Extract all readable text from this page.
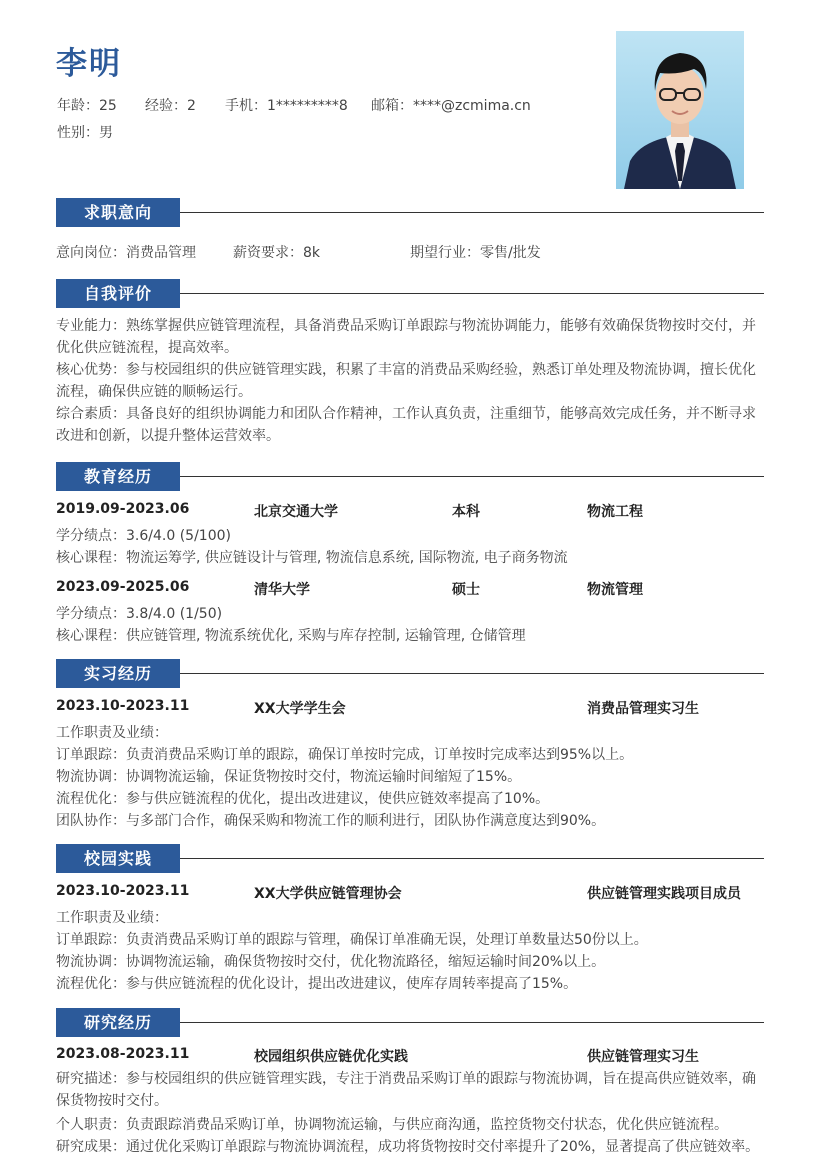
李明
年龄：25 经验：2 手机：1*********8 邮箱：****@zcmima.cn
性别：男
求职意向
意向岗位：消费品管理	薪资要求：8k	期望行业：零售/批发
自我评价

专业能力：熟练掌握供应链管理流程，具备消费品采购订单跟踪与物流协调能力，能够有效确保货物按时交付，并优化供应链流程，提高效率。

核心优势：参与校园组织的供应链管理实践，积累了丰富的消费品采购经验，熟悉订单处理及物流协调，擅长优化流程，确保供应链的顺畅运行。

综合素质：具备良好的组织协调能力和团队合作精神，工作认真负责，注重细节，能够高效完成任务，并不断寻求改进和创新，以提升整体运营效率。

教育经历
2019.09-2023.06	北京交通大学	本科	物流工程
学分绩点：3.6/4.0 (5/100)
核心课程：物流运筹学, 供应链设计与管理, 物流信息系统, 国际物流, 电子商务物流
2023.09-2025.06	清华大学	硕士	物流管理
学分绩点：3.8/4.0 (1/50)
核心课程：供应链管理, 物流系统优化, 采购与库存控制, 运输管理, 仓储管理
实习经历
2023.10-2023.11	XX大学学生会	消费品管理实习生
工作职责及业绩：
订单跟踪：负责消费品采购订单的跟踪，确保订单按时完成，订单按时完成率达到95%以上。
物流协调：协调物流运输，保证货物按时交付，物流运输时间缩短了15%。
流程优化：参与供应链流程的优化，提出改进建议，使供应链效率提高了10%。
团队协作：与多部门合作，确保采购和物流工作的顺利进行，团队协作满意度达到90%。
校园实践
2023.10-2023.11	XX大学供应链管理协会	供应链管理实践项目成员
工作职责及业绩：
订单跟踪：负责消费品采购订单的跟踪与管理，确保订单准确无误，处理订单数量达50份以上。
物流协调：协调物流运输，确保货物按时交付，优化物流路径，缩短运输时间20%以上。
流程优化：参与供应链流程的优化设计，提出改进建议，使库存周转率提高了15%。
研究经历
2023.08-2023.11	校园组织供应链优化实践	供应链管理实习生

研究描述：参与校园组织的供应链管理实践，专注于消费品采购订单的跟踪与物流协调，旨在提高供应链效率，确保货物按时交付。

个人职责：负责跟踪消费品采购订单，协调物流运输，与供应商沟通，监控货物交付状态，优化供应链流程。
研究成果：通过优化采购订单跟踪与物流协调流程，成功将货物按时交付率提升了20%，显著提高了供应链效率。
